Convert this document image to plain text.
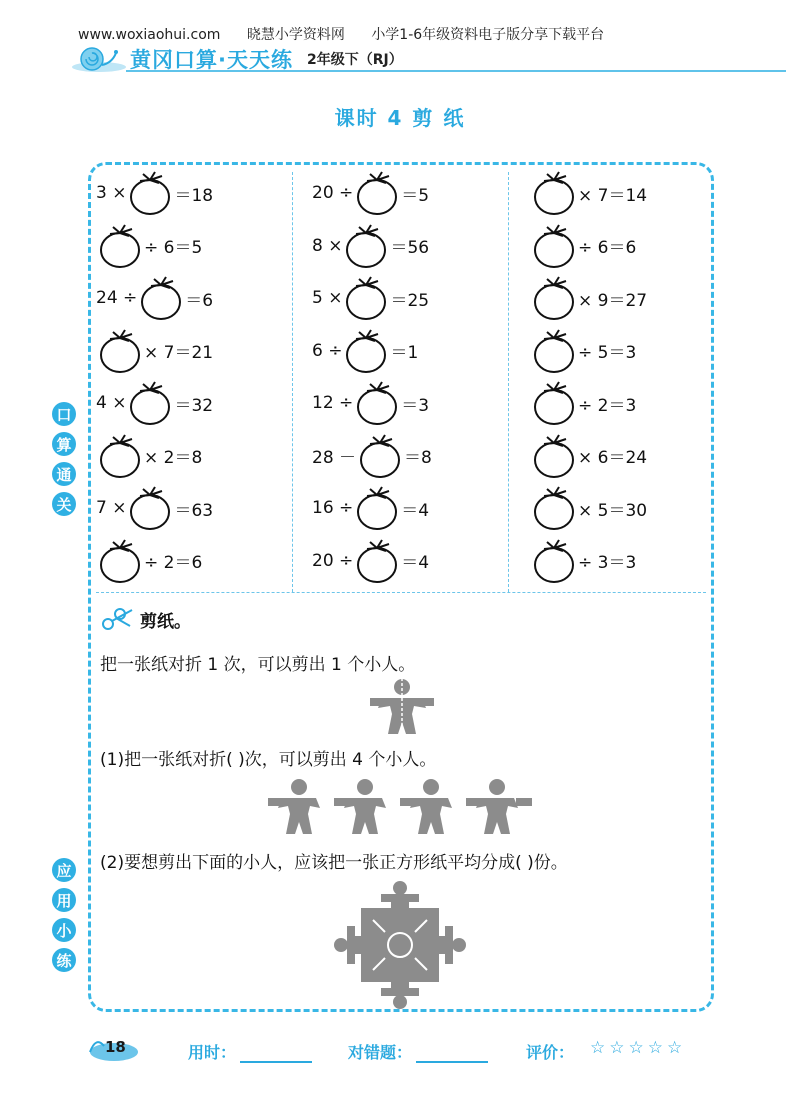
www.woxiaohui.com 晓慧小学资料网 小学1-6年级资料电子版分享下载平台
黄冈口算·天天练 2年级下（RJ）
课时 4 剪 纸
口
算
通
关
应
用
小
练
3 ×	＝18
÷ 6＝5
24 ÷	＝6
× 7＝21
4 ×	＝32
× 2＝8
7 ×	＝63
÷ 2＝6
20 ÷	＝5
8 ×	＝56
5 ×	＝25
6 ÷	＝1
12 ÷	＝3
28 －	＝8
16 ÷	＝4
20 ÷	＝4
× 7＝14
÷ 6＝6
× 9＝27
÷ 5＝3
÷ 2＝3
× 6＝24
× 5＝30
÷ 3＝3
剪纸。
把一张纸对折 1 次，可以剪出 1 个小人。
(1)把一张纸对折( )次，可以剪出 4 个小人。
(2)要想剪出下面的小人，应该把一张正方形纸平均分成( )份。
18	用时：	对错题：	评价： ☆☆☆☆☆
